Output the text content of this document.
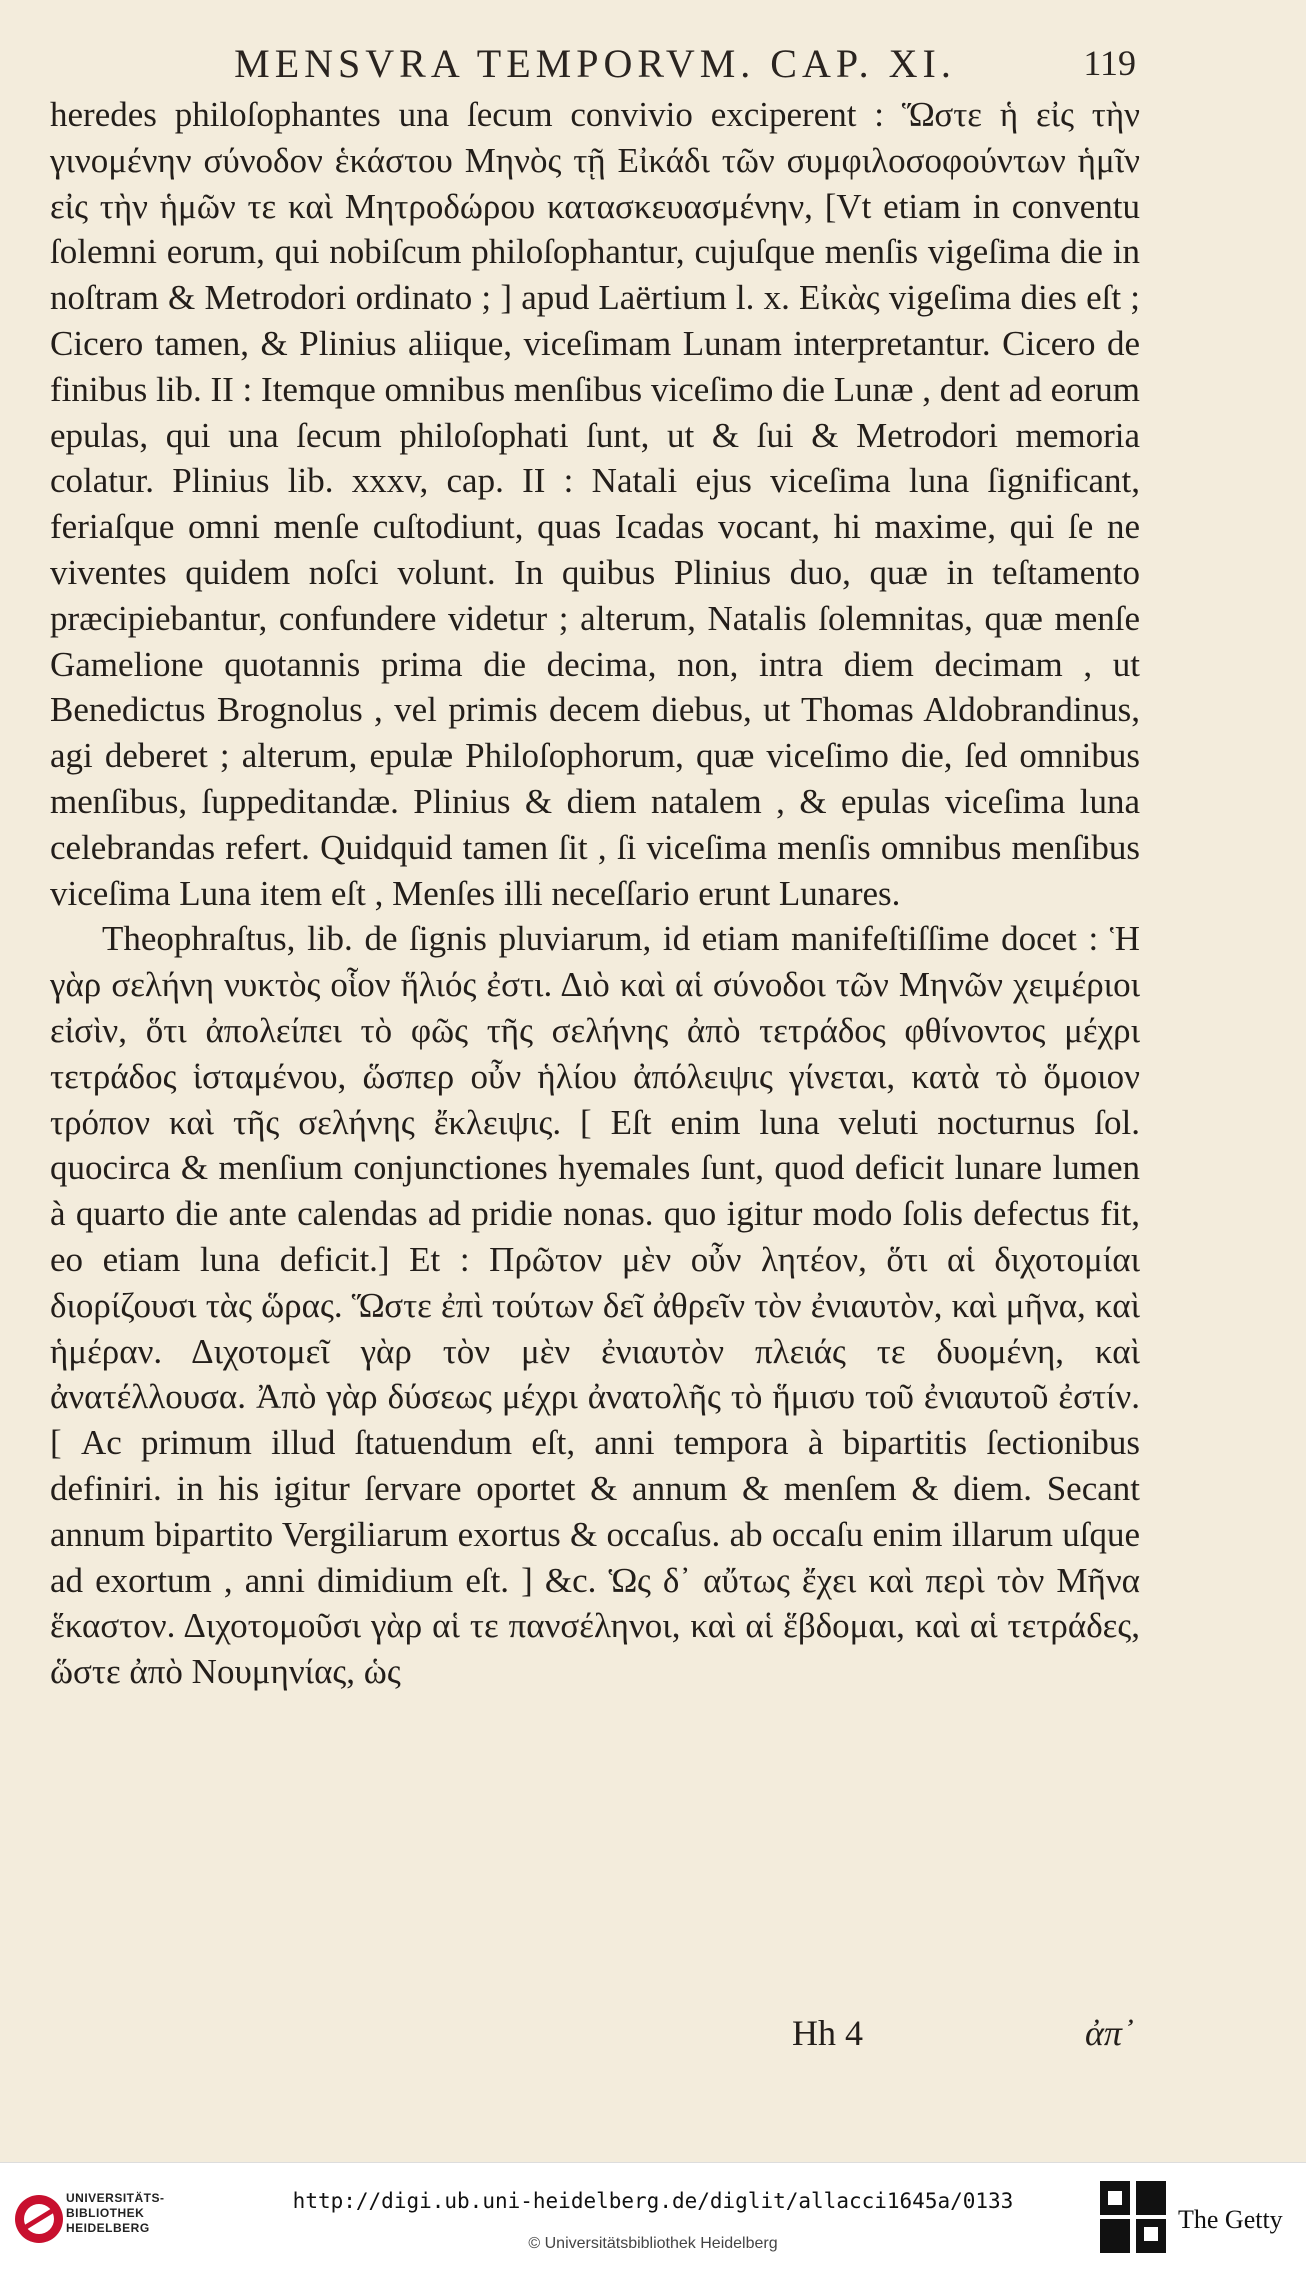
MENSVRA TEMPORVM. CAP. XI.	119

heredes philoſophantes una ſecum convivio exciperent : Ὥστε ἡ εἰς τὴν γινομένην σύνοδον ἑκάστου Μηνὸς τῇ Εἰκάδι τῶν συμφιλοσοφούντων ἡμῖν εἰς τὴν ἡμῶν τε καὶ Μητροδώρου κατασκευασμένην, [Vt etiam in conventu ſolemni eorum, qui nobiſcum philoſophantur, cujuſque menſis vigeſima die in noſtram & Metrodori ordinato ; ] apud Laërtium l. x. Εἰκὰς vigeſima dies eſt ; Cicero tamen, & Plinius aliique, viceſimam Lunam interpretantur. Cicero de finibus lib. II : Itemque omnibus menſibus viceſimo die Lunæ , dent ad eorum epulas, qui una ſecum philoſophati ſunt, ut & ſui & Metrodori memoria colatur. Plinius lib. xxxv, cap. II : Natali ejus viceſima luna ſignificant, feriaſque omni menſe cuſtodiunt, quas Icadas vocant, hi maxime, qui ſe ne viventes quidem noſci volunt. In quibus Plinius duo, quæ in teſtamento præcipiebantur, confundere videtur ; alterum, Natalis ſolemnitas, quæ menſe Gamelione quotannis prima die decima, non, intra diem decimam , ut Benedictus Brognolus , vel primis decem diebus, ut Thomas Aldobrandinus, agi deberet ; alterum, epulæ Philoſophorum, quæ viceſimo die, ſed omnibus menſibus, ſuppeditandæ. Plinius & diem natalem , & epulas viceſima luna celebrandas refert. Quidquid tamen ſit , ſi viceſima menſis omnibus menſibus viceſima Luna item eſt , Menſes illi neceſſario erunt Lunares.

Theophraſtus, lib. de ſignis pluviarum, id etiam manifeſtiſſime docet : Ἡ γὰρ σελήνη νυκτὸς οἷον ἥλιός ἐστι. Διὸ καὶ αἱ σύνοδοι τῶν Μηνῶν χειμέριοι εἰσὶν, ὅτι ἀπολείπει τὸ φῶς τῆς σελήνης ἀπὸ τετράδος φθίνοντος μέχρι τετράδος ἱσταμένου, ὥσπερ οὖν ἡλίου ἀπόλειψις γίνεται, κατὰ τὸ ὅμοιον τρόπον καὶ τῆς σελήνης ἔκλειψις. [ Eſt enim luna veluti nocturnus ſol. quocirca & menſium conjunctiones hyemales ſunt, quod deficit lunare lumen à quarto die ante calendas ad pridie nonas. quo igitur modo ſolis defectus fit, eo etiam luna deficit.] Et : Πρῶτον μὲν οὖν λητέον, ὅτι αἱ διχοτομίαι διορίζουσι τὰς ὥρας. Ὥστε ἐπὶ τούτων δεῖ ἀθρεῖν τὸν ἐνιαυτὸν, καὶ μῆνα, καὶ ἡμέραν. Διχοτομεῖ γὰρ τὸν μὲν ἐνιαυτὸν πλειάς τε δυομένη, καὶ ἀνατέλλουσα. Ἀπὸ γὰρ δύσεως μέχρι ἀνατολῆς τὸ ἥμισυ τοῦ ἐνιαυτοῦ ἐστίν. [ Ac primum illud ſtatuendum eſt, anni tempora à bipartitis ſectionibus definiri. in his igitur ſervare oportet & annum & menſem & diem. Secant annum bipartito Vergiliarum exortus & occaſus. ab occaſu enim illarum uſque ad exortum , anni dimidium eſt. ] &c. Ὡς δ᾽ αὔτως ἔχει καὶ περὶ τὸν Μῆνα ἕκαστον. Διχοτομοῦσι γὰρ αἱ τε πανσέληνοι, καὶ αἱ ἕβδομαι, καὶ αἱ τετράδες, ὥστε ἀπὸ Νουμηνίας, ὡς

Hh 4	ἀπ᾽
UNIVERSITÄTS-
BIBLIOTHEK
HEIDELBERG
http://digi.ub.uni-heidelberg.de/diglit/allacci1645a/0133
© Universitätsbibliothek Heidelberg
The Getty
